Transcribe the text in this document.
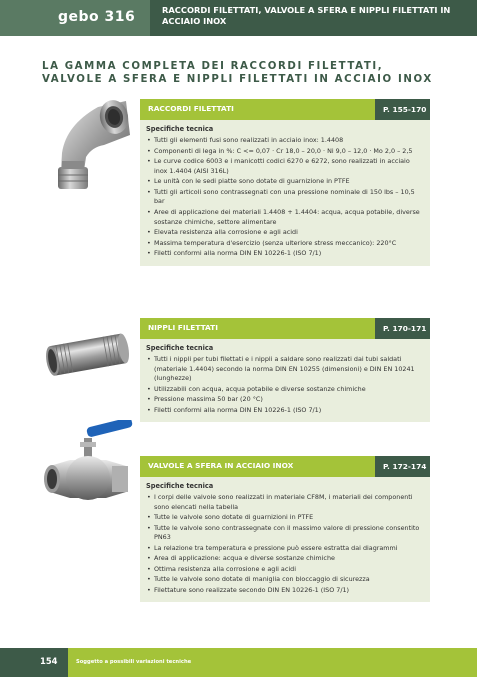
gebo 316	RACCORDI FILETTATI, VALVOLE A SFERA E NIPPLI FILETTATI IN ACCIAIO INOX
LA GAMMA COMPLETA DEI RACCORDI FILETTATI, VALVOLE A SFERA E NIPPLI FILETTATI IN ACCIAIO INOX
RACCORDI FILETTATI	P. 155-170
Specifiche tecnica
• Tutti gli elementi fusi sono realizzati in acciaio inox: 1.4408
• Componenti di lega in %: C <= 0,07 · Cr 18,0 – 20,0 · Ni 9,0 – 12,0 · Mo 2,0 – 2,5
• Le curve codice 6003 e i manicotti codici 6270 e 6272, sono realizzati in acciaio inox 1.4404 (AISI 316L)
• Le unità con le sedi piatte sono dotate di guarnizione in PTFE
• Tutti gli articoli sono contrassegnati con una pressione nominale di 150 lbs – 10,5 bar
• Aree di applicazione dei materiali 1.4408 + 1.4404: acqua, acqua potabile, diverse sostanze chimiche, settore alimentare
• Elevata resistenza alla corrosione e agli acidi
• Massima temperatura d'esercizio (senza ulteriore stress meccanico): 220°C
• Filetti conformi alla norma DIN EN 10226-1 (ISO 7/1)
NIPPLI FILETTATI	P. 170-171
Specifiche tecnica
• Tutti i nippli per tubi filettati e i nippli a saldare sono realizzati dai tubi saldati (materiale 1.4404) secondo la norma DIN EN 10255 (dimensioni) e DIN EN 10241 (lunghezze)
• Utilizzabili con acqua, acqua potabile e diverse sostanze chimiche
• Pressione massima 50 bar (20 °C)
• Filetti conformi alla norma DIN EN 10226-1 (ISO 7/1)
VALVOLE A SFERA IN ACCIAIO INOX	P. 172-174
Specifiche tecnica
• I corpi delle valvole sono realizzati in materiale CF8M, i materiali dei componenti sono elencati nella tabella
• Tutte le valvole sono dotate di guarnizioni in PTFE
• Tutte le valvole sono contrassegnate con il massimo valore di pressione consentito PN63
• La relazione tra temperatura e pressione può essere estratta dai diagrammi
• Area di applicazione: acqua e diverse sostanze chimiche
• Ottima resistenza alla corrosione e agli acidi
• Tutte le valvole sono dotate di maniglia con bloccaggio di sicurezza
• Filettature sono realizzate secondo DIN EN 10226-1 (ISO 7/1)
154	Soggetto a possibili variazioni tecniche
